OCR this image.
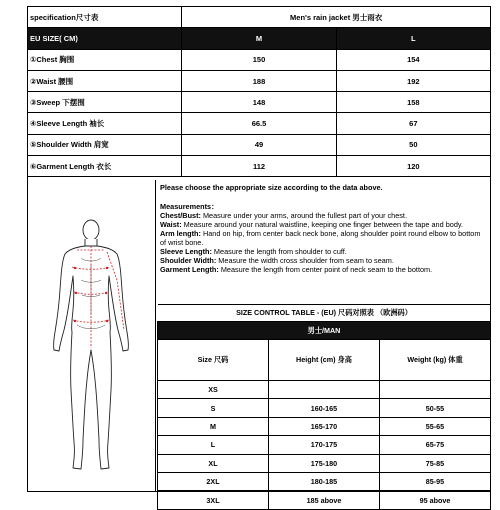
specification尺寸表	Men's rain jacket 男士雨衣	
EU SIZE( CM)	M	L
①Chest 胸围	150	154
②Waist 腰围	188	192
③Sweep 下摆围	148	158
④Sleeve Length 袖长	66.5	67
⑤Shoulder Width 肩宽	49	50
⑥Garment Length 衣长	112	120

Please choose the appropriate size according to the data above.

Measurements：

Chest/Bust: Measure under your arms, around the fullest part of your chest.

Waist: Measure around your natural waistline, keeping one finger between the tape and body.

Arm length: Hand on hip, from center back neck bone, along shoulder point round elbow to bottom of wrist bone.

Sleeve Length: Measure the length from shoulder to cuff.

Shoulder Width: Measure the width cross shoulder from seam to seam.

Garment Length: Measure the length from center point of neck seam to the bottom.

SIZE CONTROL TABLE - (EU) 尺码对照表 （欧洲码）		
男士/MAN		
Size 尺码	Height (cm) 身高	Weight (kg) 体重
XS		
S	160-165	50-55
M	165-170	55-65
L	170-175	65-75
XL	175-180	75-85
2XL	180-185	85-95
3XL	185 above	95 above
